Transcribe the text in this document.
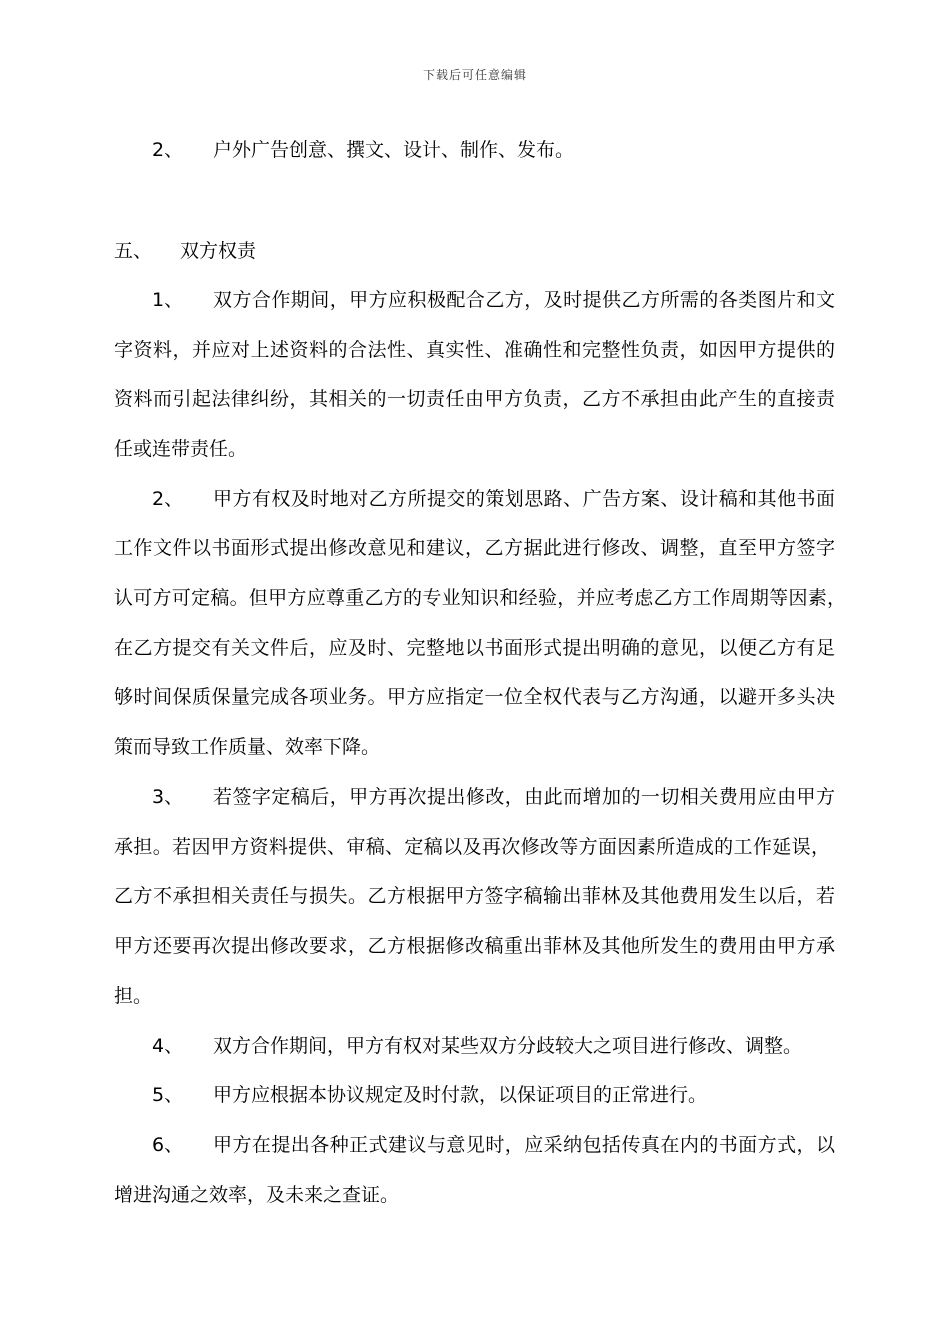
下载后可任意编辑
2、 户外广告创意、撰文、设计、制作、发布。
五、 双方权责
1、 双方合作期间，甲方应积极配合乙方，及时提供乙方所需的各类图片和文
字资料，并应对上述资料的合法性、真实性、准确性和完整性负责，如因甲方提供的
资料而引起法律纠纷，其相关的一切责任由甲方负责，乙方不承担由此产生的直接责
任或连带责任。
2、 甲方有权及时地对乙方所提交的策划思路、广告方案、设计稿和其他书面
工作文件以书面形式提出修改意见和建议，乙方据此进行修改、调整，直至甲方签字
认可方可定稿。但甲方应尊重乙方的专业知识和经验，并应考虑乙方工作周期等因素，
在乙方提交有关文件后，应及时、完整地以书面形式提出明确的意见，以便乙方有足
够时间保质保量完成各项业务。甲方应指定一位全权代表与乙方沟通，以避开多头决
策而导致工作质量、效率下降。
3、 若签字定稿后，甲方再次提出修改，由此而增加的一切相关费用应由甲方
承担。若因甲方资料提供、审稿、定稿以及再次修改等方面因素所造成的工作延误，
乙方不承担相关责任与损失。乙方根据甲方签字稿输出菲林及其他费用发生以后，若
甲方还要再次提出修改要求，乙方根据修改稿重出菲林及其他所发生的费用由甲方承
担。
4、 双方合作期间，甲方有权对某些双方分歧较大之项目进行修改、调整。
5、 甲方应根据本协议规定及时付款，以保证项目的正常进行。
6、 甲方在提出各种正式建议与意见时，应采纳包括传真在内的书面方式，以
增进沟通之效率，及未来之查证。
